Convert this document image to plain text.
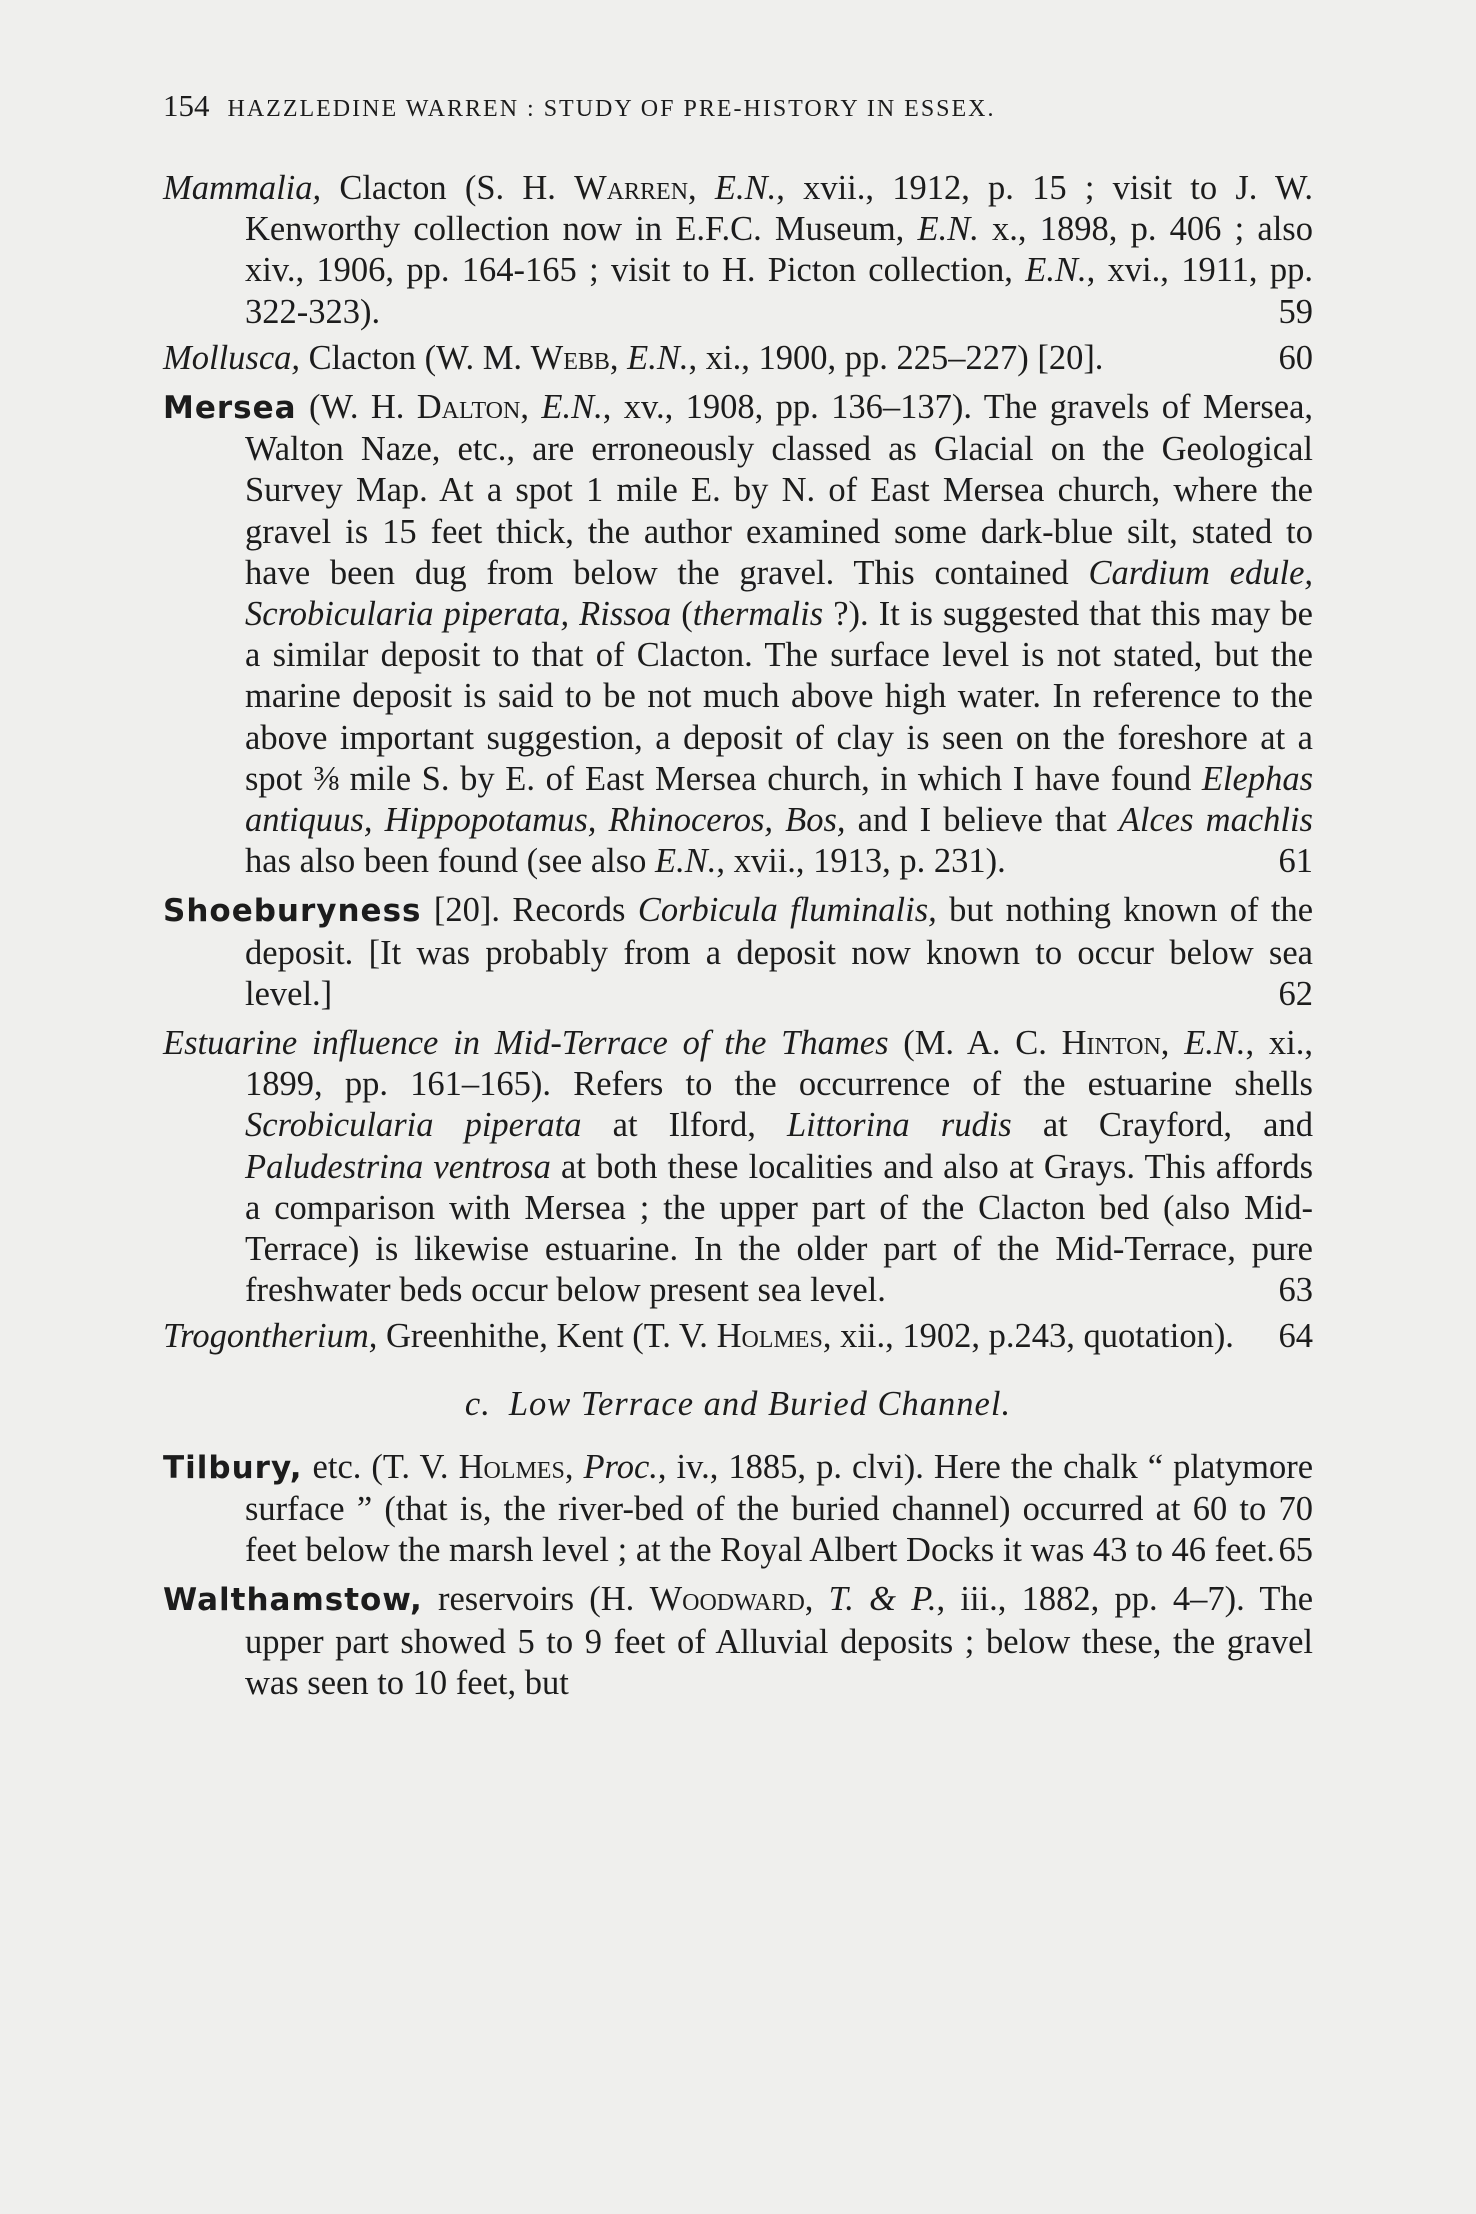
154 HAZZLEDINE WARREN : STUDY OF PRE-HISTORY IN ESSEX.

Mammalia, Clacton (S. H. Warren, E.N., xvii., 1912, p. 15 ; visit to J. W. Kenworthy collection now in E.F.C. Museum, E.N. x., 1898, p. 406 ; also xiv., 1906, pp. 164-165 ; visit to H. Picton collection, E.N., xvi., 1911, pp. 322-323).	59

Mollusca, Clacton (W. M. Webb, E.N., xi., 1900, pp. 225–227) [20].	60

Mersea (W. H. Dalton, E.N., xv., 1908, pp. 136–137). The gravels of Mersea, Walton Naze, etc., are erroneously classed as Glacial on the Geological Survey Map. At a spot 1 mile E. by N. of East Mersea church, where the gravel is 15 feet thick, the author examined some dark-blue silt, stated to have been dug from below the gravel. This contained Cardium edule, Scrobicularia piperata, Rissoa (thermalis ?). It is suggested that this may be a similar deposit to that of Clacton. The surface level is not stated, but the marine deposit is said to be not much above high water. In reference to the above important suggestion, a deposit of clay is seen on the foreshore at a spot ⅜ mile S. by E. of East Mersea church, in which I have found Elephas antiquus, Hippopotamus, Rhinoceros, Bos, and I believe that Alces machlis has also been found (see also E.N., xvii., 1913, p. 231).	61

Shoeburyness [20]. Records Corbicula fluminalis, but nothing known of the deposit. [It was probably from a deposit now known to occur below sea level.]	62

Estuarine influence in Mid-Terrace of the Thames (M. A. C. Hinton, E.N., xi., 1899, pp. 161–165). Refers to the occurrence of the estuarine shells Scrobicularia piperata at Ilford, Littorina rudis at Crayford, and Paludestrina ventrosa at both these localities and also at Grays. This affords a comparison with Mersea ; the upper part of the Clacton bed (also Mid-Terrace) is likewise estuarine. In the older part of the Mid-Terrace, pure freshwater beds occur below present sea level.	63

Trogontherium, Greenhithe, Kent (T. V. Holmes, xii., 1902, p.243, quotation). 64

c. Low Terrace and Buried Channel.

Tilbury, etc. (T. V. Holmes, Proc., iv., 1885, p. clvi). Here the chalk “ platymore surface ” (that is, the river-bed of the buried channel) occurred at 60 to 70 feet below the marsh level ; at the Royal Albert Docks it was 43 to 46 feet. 65

Walthamstow, reservoirs (H. Woodward, T. & P., iii., 1882, pp. 4–7). The upper part showed 5 to 9 feet of Alluvial deposits ; below these, the gravel was seen to 10 feet, but
